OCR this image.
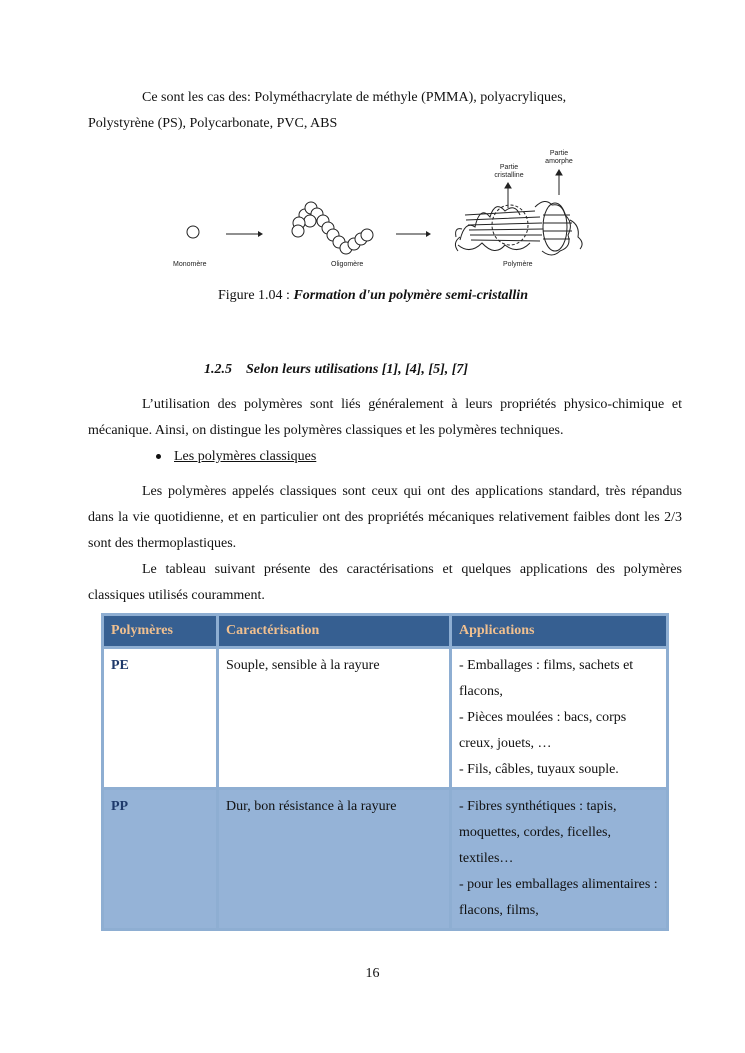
Ce sont les cas des: Polyméthacrylate de méthyle (PMMA), polyacryliques,
Polystyrène (PS), Polycarbonate, PVC, ABS
Monomère	Oligomère	Polymère
Partie
cristalline
Partie
amorphe
Figure 1.04 : Formation d'un polymère semi-cristallin
1.2.5 Selon leurs utilisations [1], [4], [5], [7]
L’utilisation des polymères sont liés généralement à leurs propriétés physico-chimique et mécanique. Ainsi, on distingue les polymères classiques et les polymères techniques.
Les polymères classiques
Les polymères appelés classiques sont ceux qui ont des applications standard, très répandus dans la vie quotidienne, et en particulier ont des propriétés mécaniques relativement faibles dont les 2/3 sont des thermoplastiques.
Le tableau suivant présente des caractérisations et quelques applications des polymères classiques utilisés couramment.
Polymères	Caractérisation	Applications
PE	Souple, sensible à la rayure	- Emballages : films, sachets et flacons,
- Pièces moulées : bacs, corps creux, jouets, …
- Fils, câbles, tuyaux souple.

PP	Dur, bon résistance à la rayure	- Fibres synthétiques : tapis, moquettes, cordes, ficelles, textiles…
- pour les emballages alimentaires : flacons, films,
16
